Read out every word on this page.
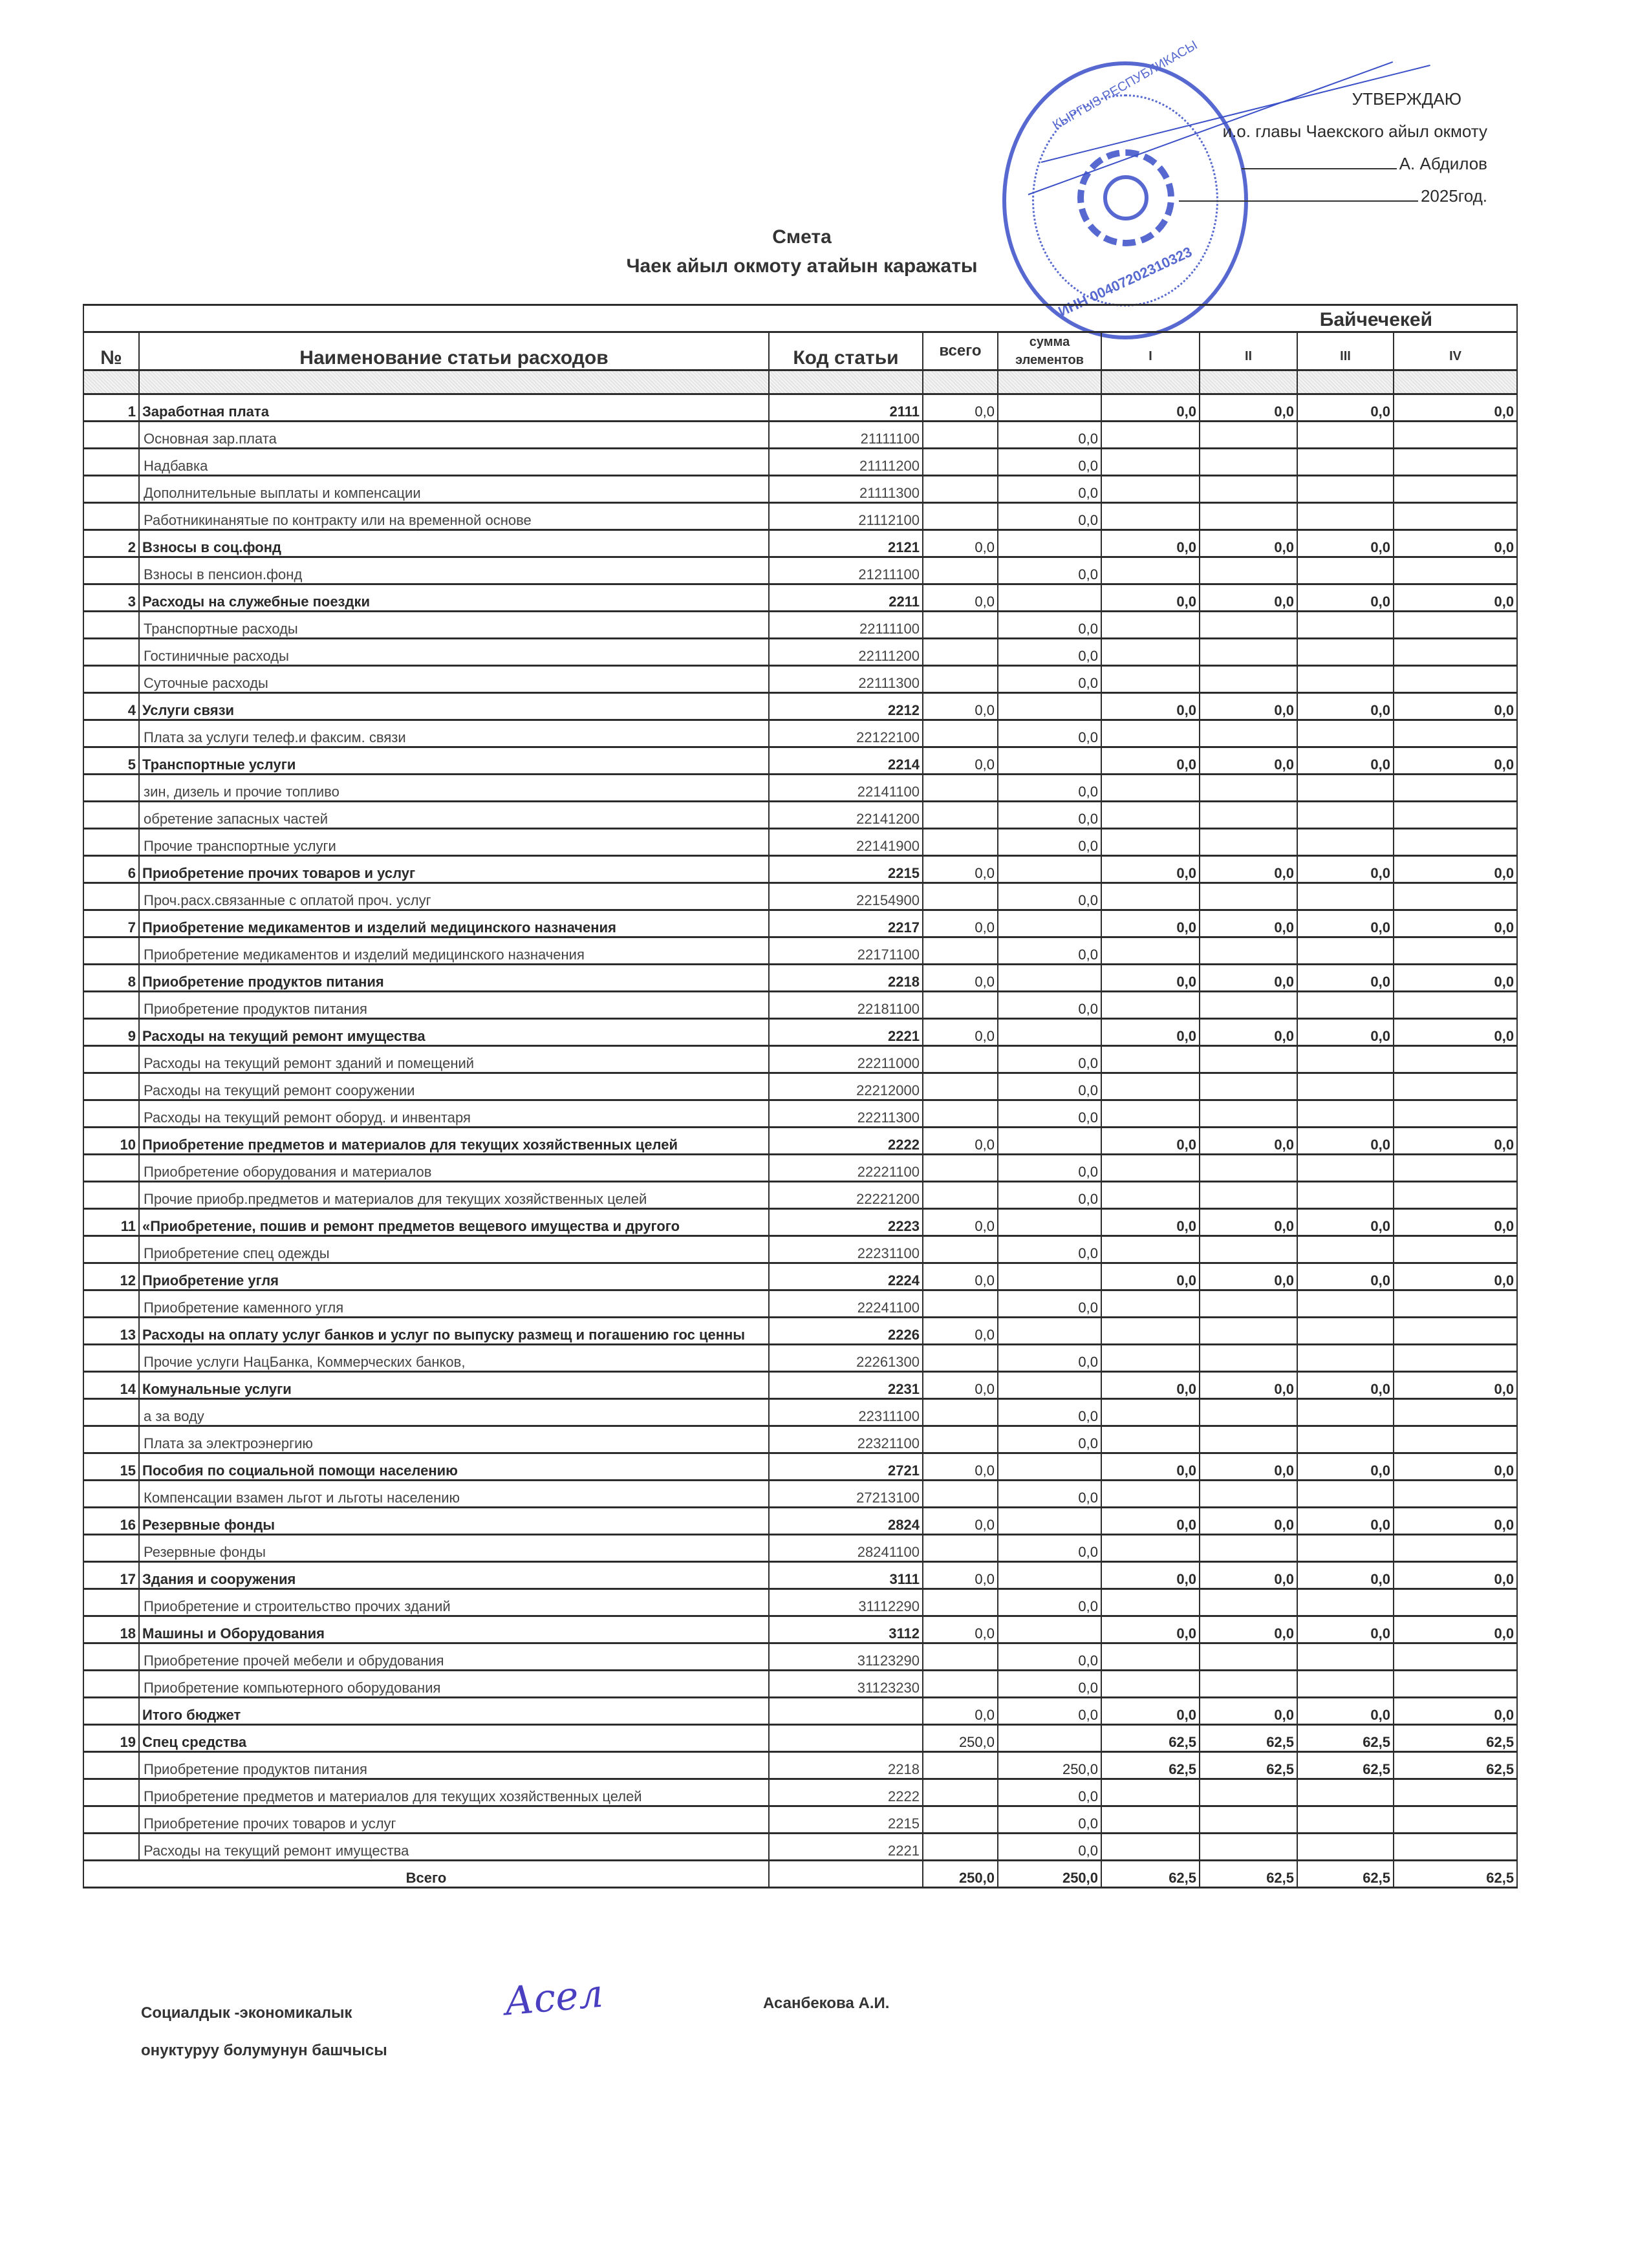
КЫРГЫЗ РЕСПУБЛИКАСЫ
ИНН 00407202310323
УТВЕРЖДАЮ
и.о. главы Чаекского айыл окмоту
А. Абдилов
2025год.
Смета
Чаек айыл окмоту атайын каражаты
					Байчечекей			
№	Наименование статьи расходов	Код статьи	всего	сумма элементов	I	II	III	IV

1	Заработная плата	2111	0,0		0,0	0,0	0,0	0,0
	Основная зар.плата	21111100		0,0				
	Надбавка	21111200		0,0				
	Дополнительные выплаты и компенсации	21111300		0,0				
	Работникинанятые по контракту или на временной основе	21112100		0,0				
2	Взносы в соц.фонд	2121	0,0		0,0	0,0	0,0	0,0
	Взносы в пенсион.фонд	21211100		0,0				
3	Расходы на служебные поездки	2211	0,0		0,0	0,0	0,0	0,0
	Транспортные расходы	22111100		0,0				
	Гостиничные расходы	22111200		0,0				
	Суточные расходы	22111300		0,0				
4	Услуги связи	2212	0,0		0,0	0,0	0,0	0,0
	Плата за услуги телеф.и факсим. связи	22122100		0,0				
5	Транспортные услуги	2214	0,0		0,0	0,0	0,0	0,0
	зин, дизель и прочие топливо	22141100		0,0				
	обретение запасных частей	22141200		0,0				
	Прочие транспортные услуги	22141900		0,0				
6	Приобретение прочих товаров и услуг	2215	0,0		0,0	0,0	0,0	0,0
	Проч.расх.связанные с оплатой проч. услуг	22154900		0,0				
7	Приобретение медикаментов и изделий медицинского назначения	2217	0,0		0,0	0,0	0,0	0,0
	Приобретение медикаментов и изделий медицинского назначения	22171100		0,0				
8	Приобретение продуктов питания	2218	0,0		0,0	0,0	0,0	0,0
	Приобретение продуктов питания	22181100		0,0				
9	Расходы на текущий ремонт имущества	2221	0,0		0,0	0,0	0,0	0,0
	Расходы на текущий ремонт зданий и помещений	22211000		0,0				
	Расходы на текущий ремонт сооружении	22212000		0,0				
	Расходы на текущий ремонт оборуд. и инвентаря	22211300		0,0				
10	Приобретение предметов и материалов для текущих хозяйственных целей	2222	0,0		0,0	0,0	0,0	0,0
	Приобретение оборудования и материалов	22221100		0,0				
	Прочие приобр.предметов и материалов для текущих хозяйственных целей	22221200		0,0				
11	«Приобретение, пошив и ремонт предметов вещевого имущества и другого	2223	0,0		0,0	0,0	0,0	0,0
	Приобретение спец одежды	22231100		0,0				
12	Приобретение угля	2224	0,0		0,0	0,0	0,0	0,0
	Приобретение каменного угля	22241100		0,0				
13	Расходы на оплату услуг банков и услуг по выпуску размещ и погашению гос ценны	2226	0,0					
	Прочие услуги НацБанка, Коммерческих банков,	22261300		0,0				
14	Комунальные услуги	2231	0,0		0,0	0,0	0,0	0,0
	а за воду	22311100		0,0				
	Плата за электроэнергию	22321100		0,0				
15	Пособия по социальной помощи населению	2721	0,0		0,0	0,0	0,0	0,0
	Компенсации взамен льгот и льготы населению	27213100		0,0				
16	Резервные фонды	2824	0,0		0,0	0,0	0,0	0,0
	Резервные фонды	28241100		0,0				
17	Здания и сооружения	3111	0,0		0,0	0,0	0,0	0,0
	Приобретение и строительство прочих зданий	31112290		0,0				
18	Машины и Оборудования	3112	0,0		0,0	0,0	0,0	0,0
	Приобретение прочей мебели и обрудования	31123290		0,0				
	Приобретение компьютерного оборудования	31123230		0,0				
	Итого бюджет		0,0	0,0	0,0	0,0	0,0	0,0
19	Спец средства		250,0		62,5	62,5	62,5	62,5
	Приобретение продуктов питания	2218		250,0	62,5	62,5	62,5	62,5
	Приобретение предметов и материалов для текущих хозяйственных целей	2222		0,0				
	Приобретение прочих товаров и услуг	2215		0,0				
	Расходы на текущий ремонт имущества	2221		0,0				
Всего			250,0	250,0	62,5	62,5	62,5	62,5
Социалдык -экономикалык
онуктуруу болумунун башчысы
Асел	Асанбекова А.И.
